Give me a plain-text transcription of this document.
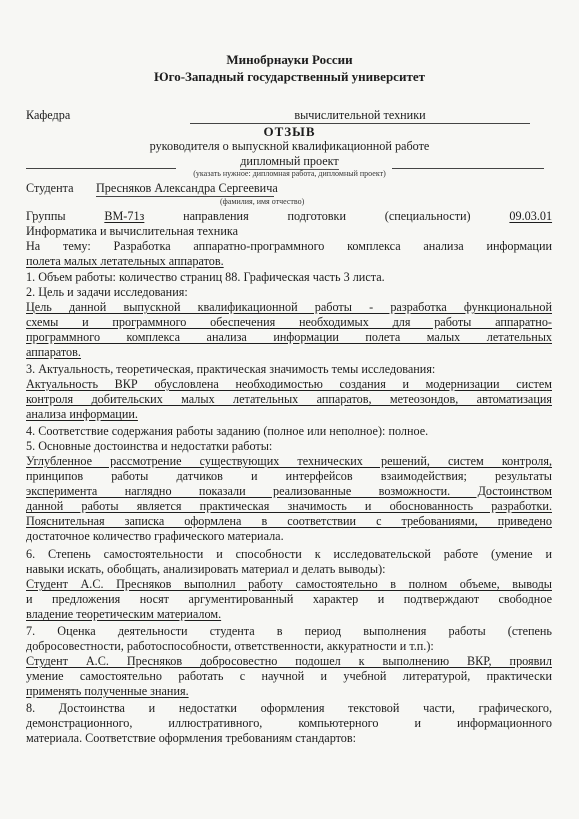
Минобрнауки России
Юго-Западный государственный университет
Кафедра	вычислительной техники
ОТЗЫВ
руководителя о выпускной квалификационной работе
дипломный проект
(указать нужное: дипломная работа, дипломный проект)
Студента Пресняков Александра Сергеевича
(фамилия, имя отчество)
Группы	ВМ-71з	направления подготовки (специальности)	09.03.01
Информатика и вычислительная техника
На тему: Разработка аппаратно-программного комплекса анализа информации
полета малых летательных аппаратов.
1. Объем работы: количество страниц 88. Графическая часть 3 листа.
2. Цель и задачи исследования:
Цель данной выпускной квалификационной работы - разработка функциональной
схемы и программного обеспечения необходимых для работы аппаратно-
программного комплекса анализа информации полета малых летательных
аппаратов.
3. Актуальность, теоретическая, практическая значимость темы исследования:
Актуальность ВКР обусловлена необходимостью создания и модернизации систем
контроля добительских малых летательных аппаратов, метеозондов, автоматизация
анализа информации.
4. Соответствие содержания работы заданию (полное или неполное): полное.
5. Основные достоинства и недостатки работы:
Углубленное рассмотрение существующих технических решений, систем контроля,
принципов работы датчиков и интерфейсов взаимодействия; результаты
эксперимента наглядно показали реализованные возможности. Достоинством
данной работы является практическая значимость и обоснованность разработки.
Пояснительная записка оформлена в соответствии с требованиями, приведено
достаточное количество графического материала.
6. Степень самостоятельности и способности к исследовательской работе (умение и
навыки искать, обобщать, анализировать материал и делать выводы):
Студент А.С. Пресняков выполнил работу самостоятельно в полном объеме, выводы
и предложения носят аргументированный характер и подтверждают свободное
владение теоретическим материалом.
7. Оценка деятельности студента в период выполнения работы (степень
добросовестности, работоспособности, ответственности, аккуратности и т.п.):
Студент А.С. Пресняков добросовестно подошел к выполнению ВКР, проявил
умение самостоятельно работать с научной и учебной литературой, практически
применять полученные знания.
8. Достоинства и недостатки оформления текстовой части, графического,
демонстрационного, иллюстративного, компьютерного и информационного
материала. Соответствие оформления требованиям стандартов:
